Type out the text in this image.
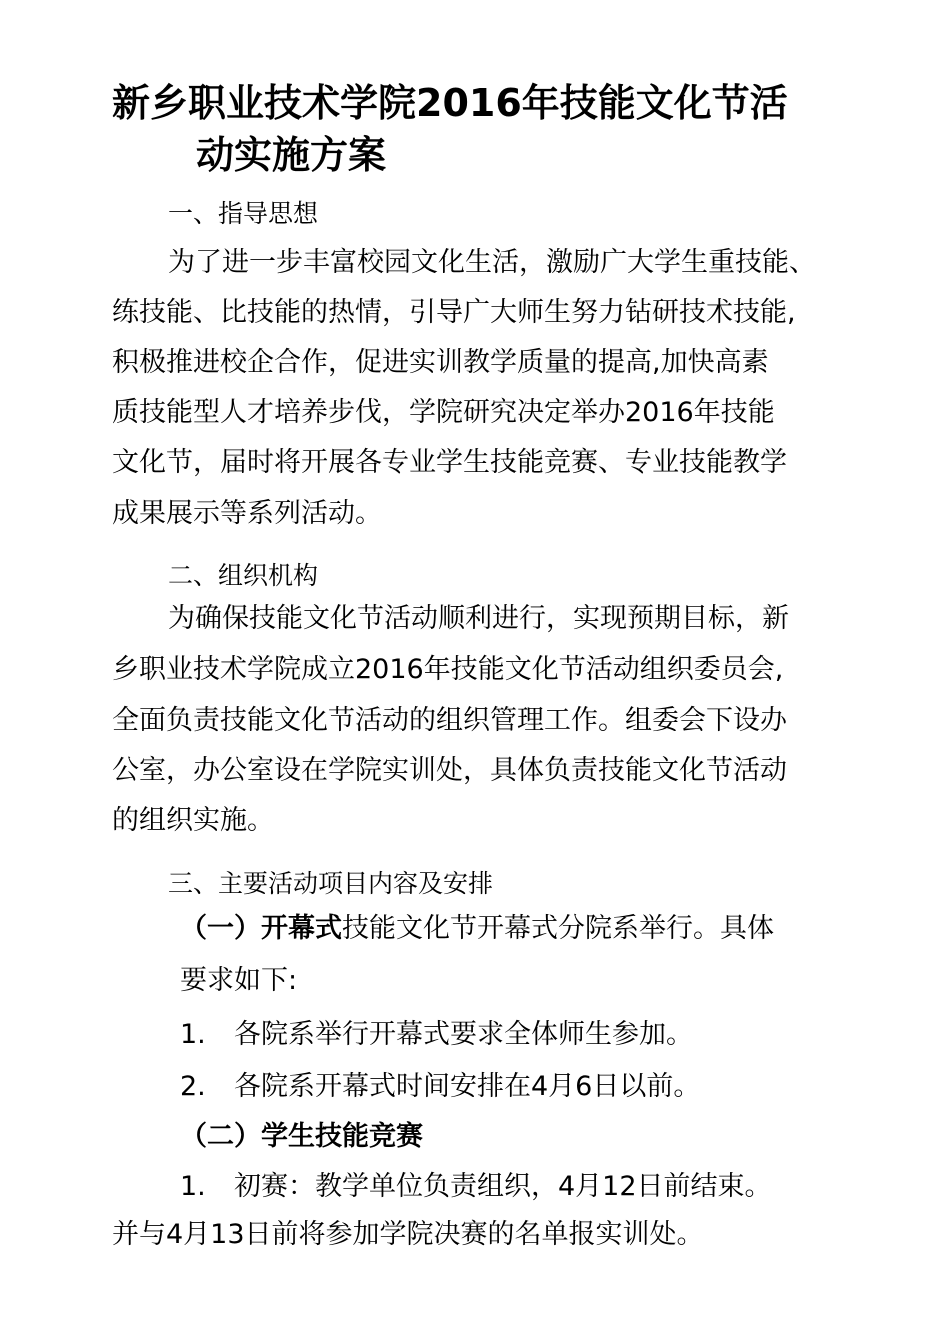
新乡职业技术学院2016年技能文化节活
动实施方案
一、指导思想
为了进一步丰富校园文化生活，激励广大学生重技能、
练技能、比技能的热情，引导广大师生努力钻研技术技能,
积极推进校企合作，促进实训教学质量的提高,加快高素
质技能型人才培养步伐，学院研究决定举办2016年技能
文化节，届时将开展各专业学生技能竞赛、专业技能教学
成果展示等系列活动。
二、组织机构
为确保技能文化节活动顺利进行，实现预期目标，新
乡职业技术学院成立2016年技能文化节活动组织委员会,
全面负责技能文化节活动的组织管理工作。组委会下设办
公室，办公室设在学院实训处，具体负责技能文化节活动
的组织实施。
三、主要活动项目内容及安排
（一）开幕式技能文化节开幕式分院系举行。具体
要求如下:
1. 各院系举行开幕式要求全体师生参加。
2. 各院系开幕式时间安排在4月6日以前。
（二）学生技能竞赛
1. 初赛：教学单位负责组织，4月12日前结束。
并与4月13日前将参加学院决赛的名单报实训处。
